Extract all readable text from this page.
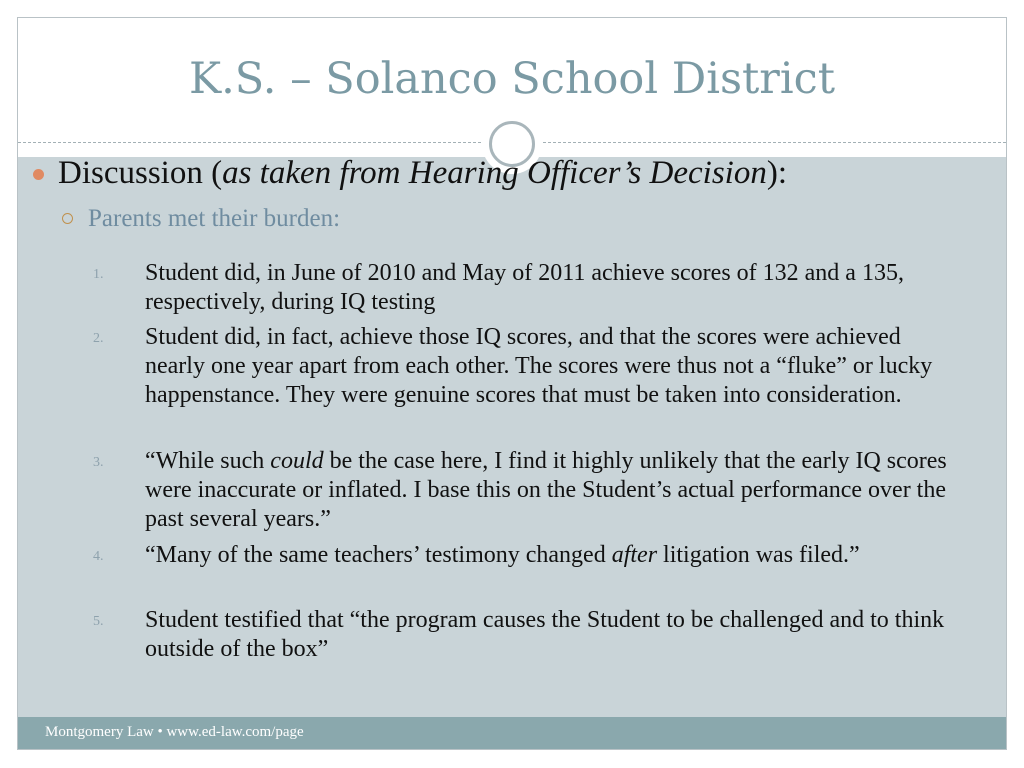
K.S. – Solanco School District
Montgomery Law • www.ed-law.com/page
Discussion (as taken from Hearing Officer’s Decision):
Parents met their burden:
1. Student did, in June of 2010 and May of 2011 achieve scores of 132 and a 135, respectively, during IQ testing
2. Student did, in fact, achieve those IQ scores, and that the scores were achieved nearly one year apart from each other. The scores were thus not a “fluke” or lucky happenstance. They were genuine scores that must be taken into consideration.
3. “While such could be the case here, I find it highly unlikely that the early IQ scores were inaccurate or inflated. I base this on the Student’s actual performance over the past several years.”
4. “Many of the same teachers’ testimony changed after litigation was filed.”
5. Student testified that “the program causes the Student to be challenged and to think outside of the box”
